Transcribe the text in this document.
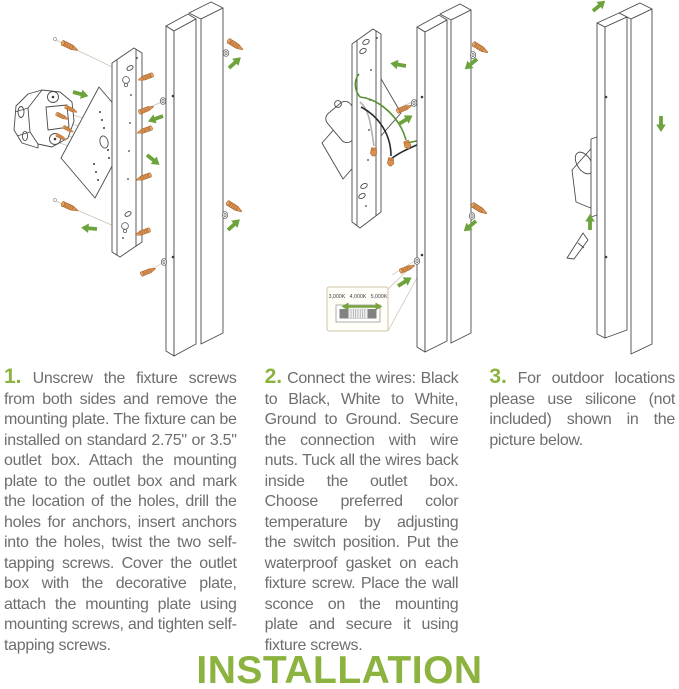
3,000K 4,000K 5,000K

1. Unscrew the fixture screws from both sides and remove the mounting plate. The fixture can be installed on standard 2.75" or 3.5" outlet box. Attach the mounting plate to the outlet box and mark the location of the holes, drill the holes for anchors, insert anchors into the holes, twist the two self-tapping screws. Cover the outlet box with the decorative plate, attach the mounting plate using mounting screws, and tighten self-tapping screws.

2. Connect the wires: Black to Black, White to White, Ground to Ground. Secure the connection with wire nuts. Tuck all the wires back inside the outlet box. Choose preferred color temperature by adjusting the switch position. Put the waterproof gasket on each fixture screw. Place the wall sconce on the mounting plate and secure it using fixture screws.

3. For outdoor locations please use silicone (not included) shown in the picture below.

INSTALLATION
